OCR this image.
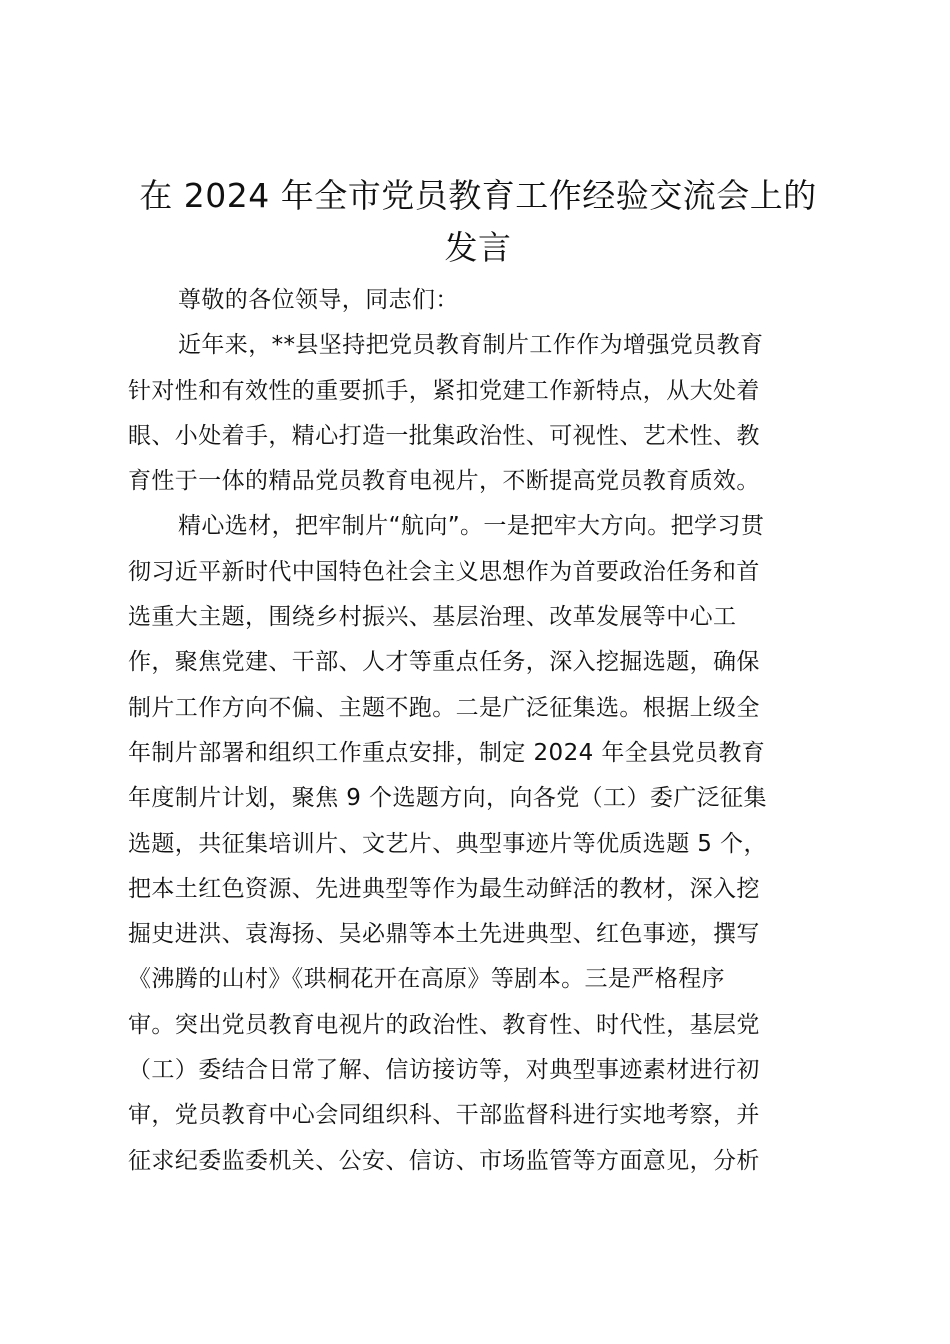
在 2024 年全市党员教育工作经验交流会上的
发言
尊敬的各位领导，同志们：
近年来，**县坚持把党员教育制片工作作为增强党员教育
针对性和有效性的重要抓手，紧扣党建工作新特点，从大处着
眼、小处着手，精心打造一批集政治性、可视性、艺术性、教
育性于一体的精品党员教育电视片，不断提高党员教育质效。
精心选材，把牢制片“航向”。一是把牢大方向。把学习贯
彻习近平新时代中国特色社会主义思想作为首要政治任务和首
选重大主题，围绕乡村振兴、基层治理、改革发展等中心工
作，聚焦党建、干部、人才等重点任务，深入挖掘选题，确保
制片工作方向不偏、主题不跑。二是广泛征集选。根据上级全
年制片部署和组织工作重点安排，制定 2024 年全县党员教育
年度制片计划，聚焦 9 个选题方向，向各党（工）委广泛征集
选题，共征集培训片、文艺片、典型事迹片等优质选题 5 个，
把本土红色资源、先进典型等作为最生动鲜活的教材，深入挖
掘史进洪、袁海扬、吴必鼎等本土先进典型、红色事迹，撰写
《沸腾的山村》《珙桐花开在高原》等剧本。三是严格程序
审。突出党员教育电视片的政治性、教育性、时代性，基层党
（工）委结合日常了解、信访接访等，对典型事迹素材进行初
审，党员教育中心会同组织科、干部监督科进行实地考察，并
征求纪委监委机关、公安、信访、市场监管等方面意见，分析
